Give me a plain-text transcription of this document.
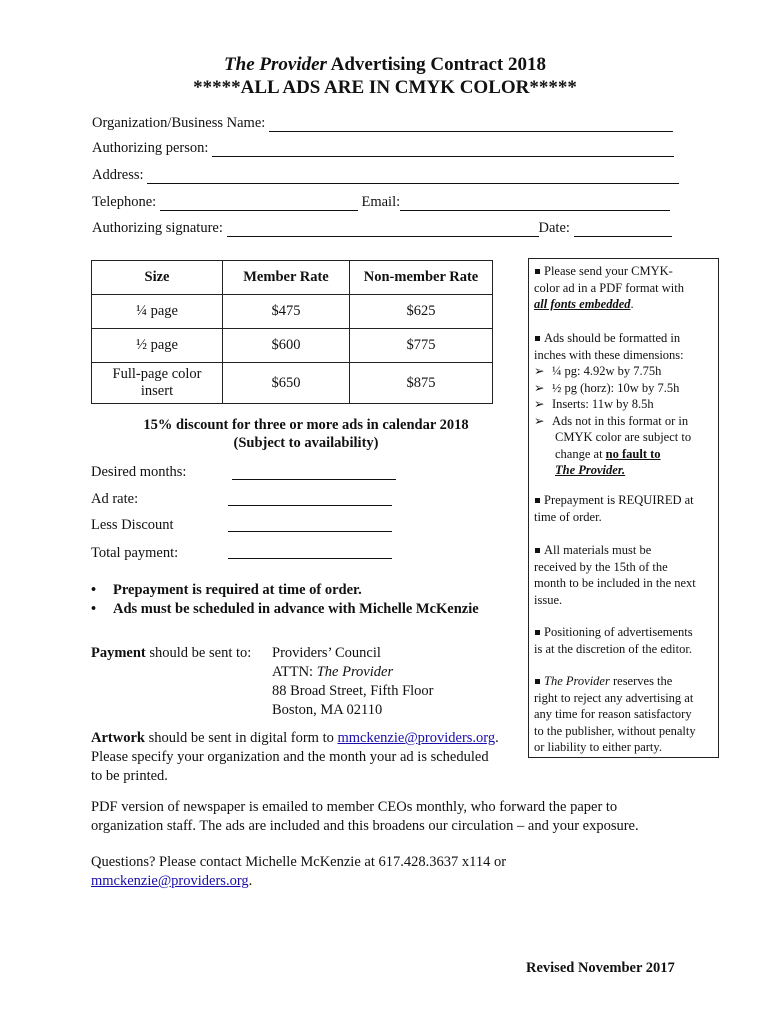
The Provider Advertising Contract 2018
*****ALL ADS ARE IN CMYK COLOR*****
Organization/Business Name:
Authorizing person:
Address:
Telephone:	Email:
Authorizing signature:	Date:
Size	Member Rate	Non-member Rate
¼ page	$475	$625
½ page	$600	$775
Full-page color insert	$650	$875
15% discount for three or more ads in calendar 2018
(Subject to availability)
Desired months:
Ad rate:
Less Discount
Total payment:
• Prepayment is required at time of order.
• Ads must be scheduled in advance with Michelle McKenzie
Payment should be sent to: Providers’ Council
ATTN: The Provider
88 Broad Street, Fifth Floor
Boston, MA 02110
Artwork should be sent in digital form to mmckenzie@providers.org.
Please specify your organization and the month your ad is scheduled
to be printed.
Please send your CMYK-
color ad in a PDF format with
all fonts embedded.
Ads should be formatted in
inches with these dimensions:
➢ ¼ pg: 4.92w by 7.75h
➢ ½ pg (horz): 10w by 7.5h
➢ Inserts: 11w by 8.5h
➢ Ads not in this format or in
CMYK color are subject to
change at no fault to
The Provider.
Prepayment is REQUIRED at
time of order.
All materials must be
received by the 15th of the
month to be included in the next
issue.
Positioning of advertisements
is at the discretion of the editor.
The Provider reserves the
right to reject any advertising at
any time for reason satisfactory
to the publisher, without penalty
or liability to either party.
PDF version of newspaper is emailed to member CEOs monthly, who forward the paper to
organization staff. The ads are included and this broadens our circulation – and your exposure.
Questions? Please contact Michelle McKenzie at 617.428.3637 x114 or
mmckenzie@providers.org.
Revised November 2017
